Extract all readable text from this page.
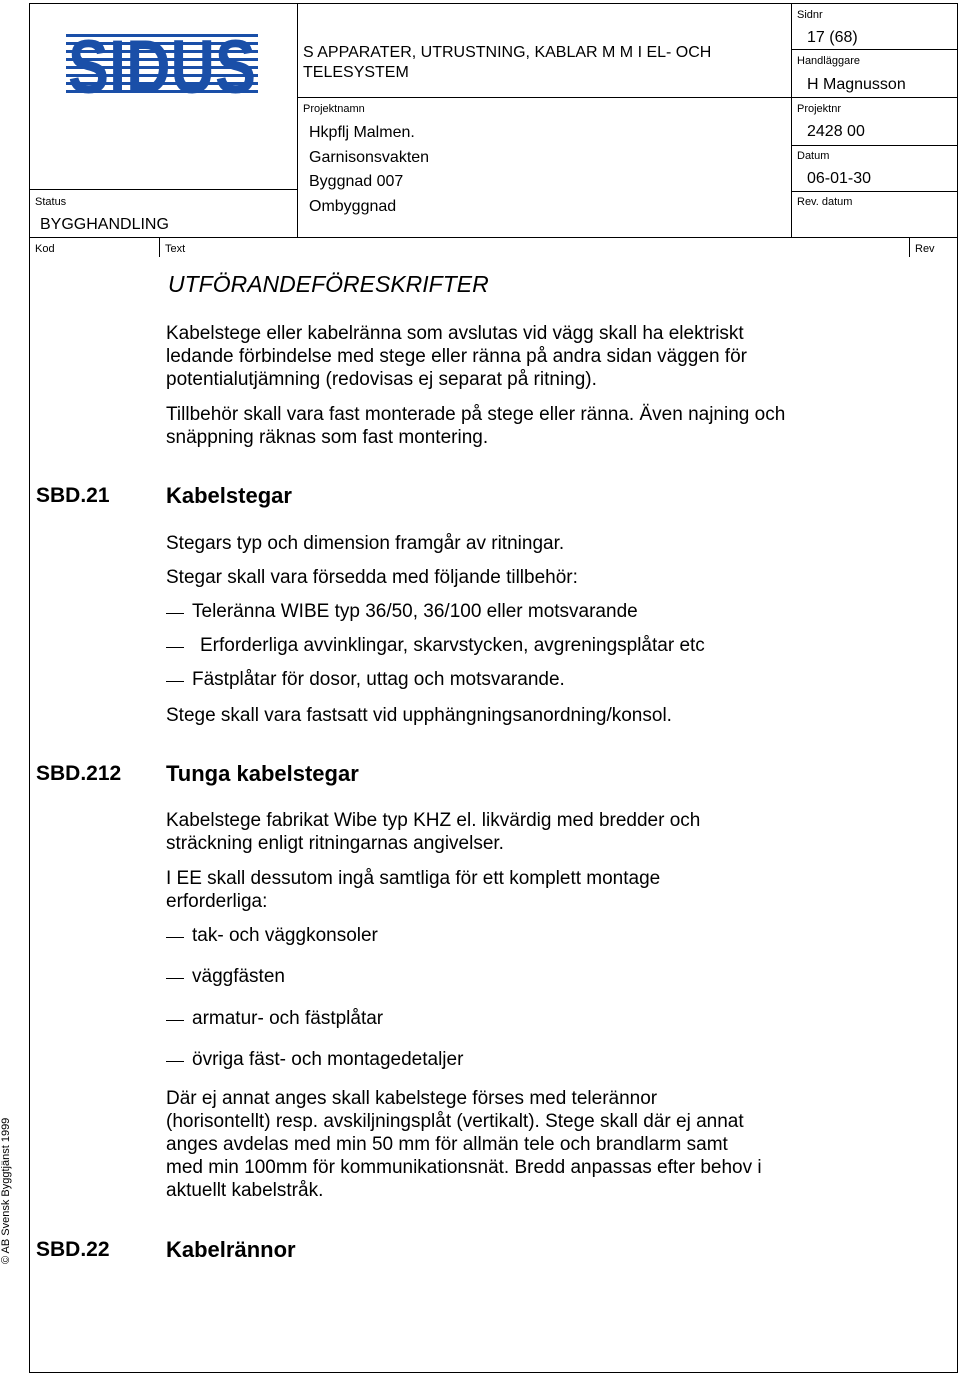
SIDUS	S APPARATER, UTRUSTNING, KABLAR M M I EL- OCH TELESYSTEM
Sidnr
17 (68)
Handläggare
H Magnusson
Projektnamn
Hkpflj Malmen.
Garnisonsvakten
Byggnad 007
Ombyggnad
Projektnr
2428 00
Datum
06-01-30
Rev. datum
Status
BYGGHANDLING
Kod	Text	Rev
UTFÖRANDEFÖRESKRIFTER
Kabelstege eller kabelränna som avslutas vid vägg skall ha elektriskt ledande förbindelse med stege eller ränna på andra sidan väggen för potentialutjämning (redovisas ej separat på ritning).
Tillbehör skall vara fast monterade på stege eller ränna. Även najning och snäppning räknas som fast montering.
SBD.21	Kabelstegar
Stegars typ och dimension framgår av ritningar.
Stegar skall vara försedda med följande tillbehör:
Teleränna WIBE typ 36/50, 36/100 eller motsvarande
Erforderliga avvinklingar, skarvstycken, avgreningsplåtar etc
Fästplåtar för dosor, uttag och motsvarande.
Stege skall vara fastsatt vid upphängningsanordning/konsol.
SBD.212 Tunga kabelstegar
Kabelstege fabrikat Wibe typ KHZ el. likvärdig med bredder och sträckning enligt ritningarnas angivelser.
I EE skall dessutom ingå samtliga för ett komplett montage erforderliga:
tak- och väggkonsoler
väggfästen
armatur- och fästplåtar
övriga fäst- och montagedetaljer
Där ej annat anges skall kabelstege förses med telerännor (horisontellt) resp. avskiljningsplåt (vertikalt). Stege skall där ej annat anges avdelas med min 50 mm för allmän tele och brandlarm samt med min 100mm för kommunikationsnät. Bredd anpassas efter behov i aktuellt kabelstråk.
SBD.22	Kabelrännor
© AB Svensk Byggtjänst 1999
